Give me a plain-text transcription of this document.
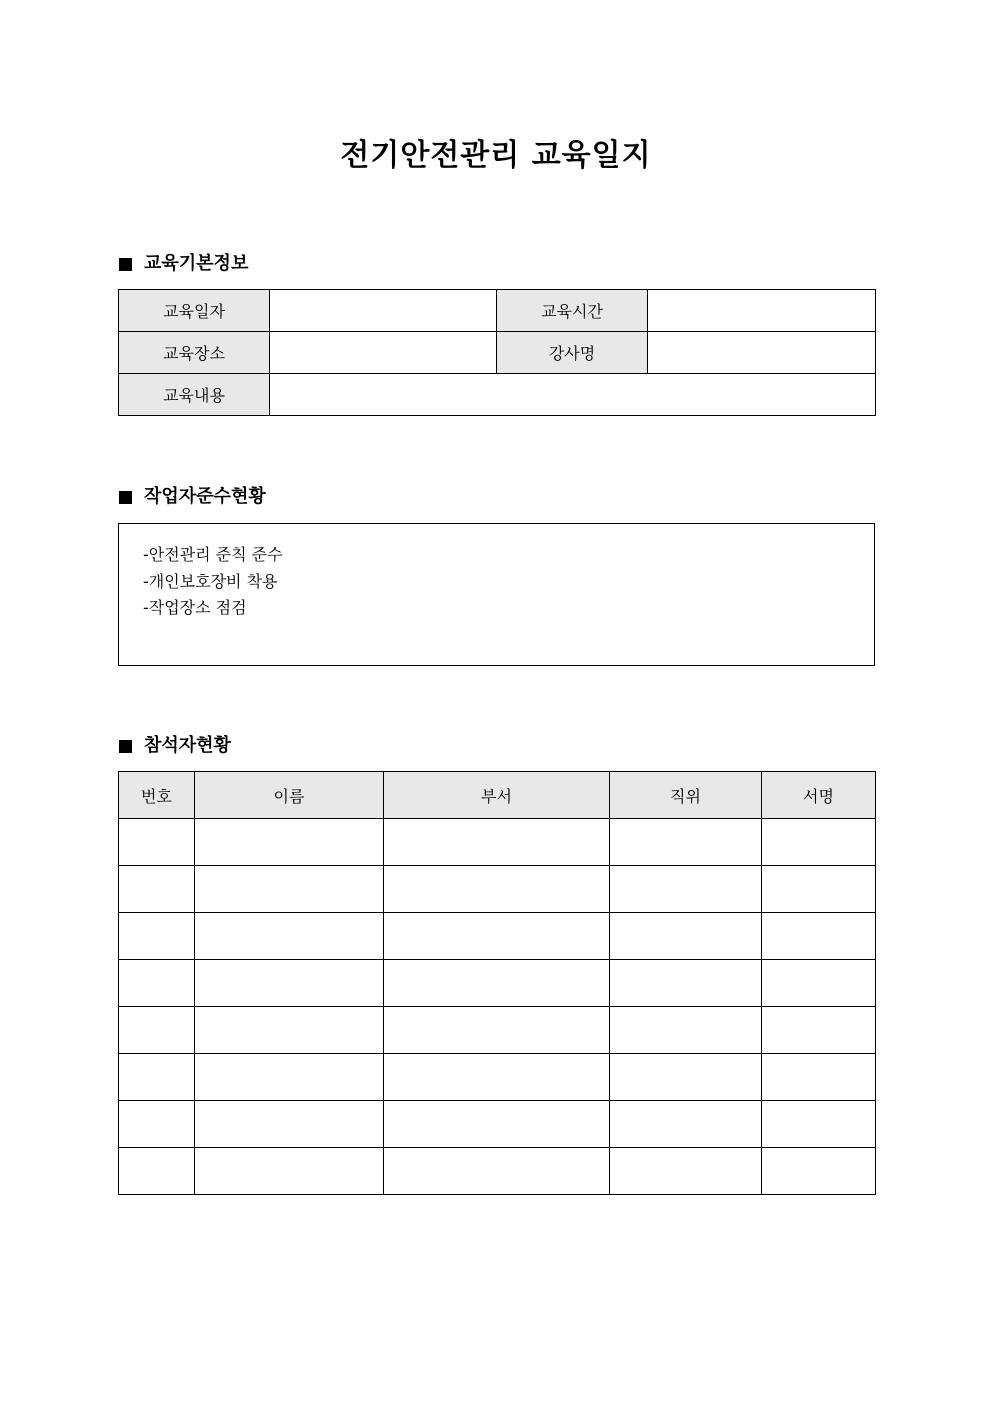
전기안전관리 교육일지
교육기본정보
교육일자		교육시간	
교육장소		강사명	
교육내용			
작업자준수현황
-안전관리 준칙 준수
-개인보호장비 착용
-작업장소 점검
참석자현황
번호	이름	부서	직위	서명
